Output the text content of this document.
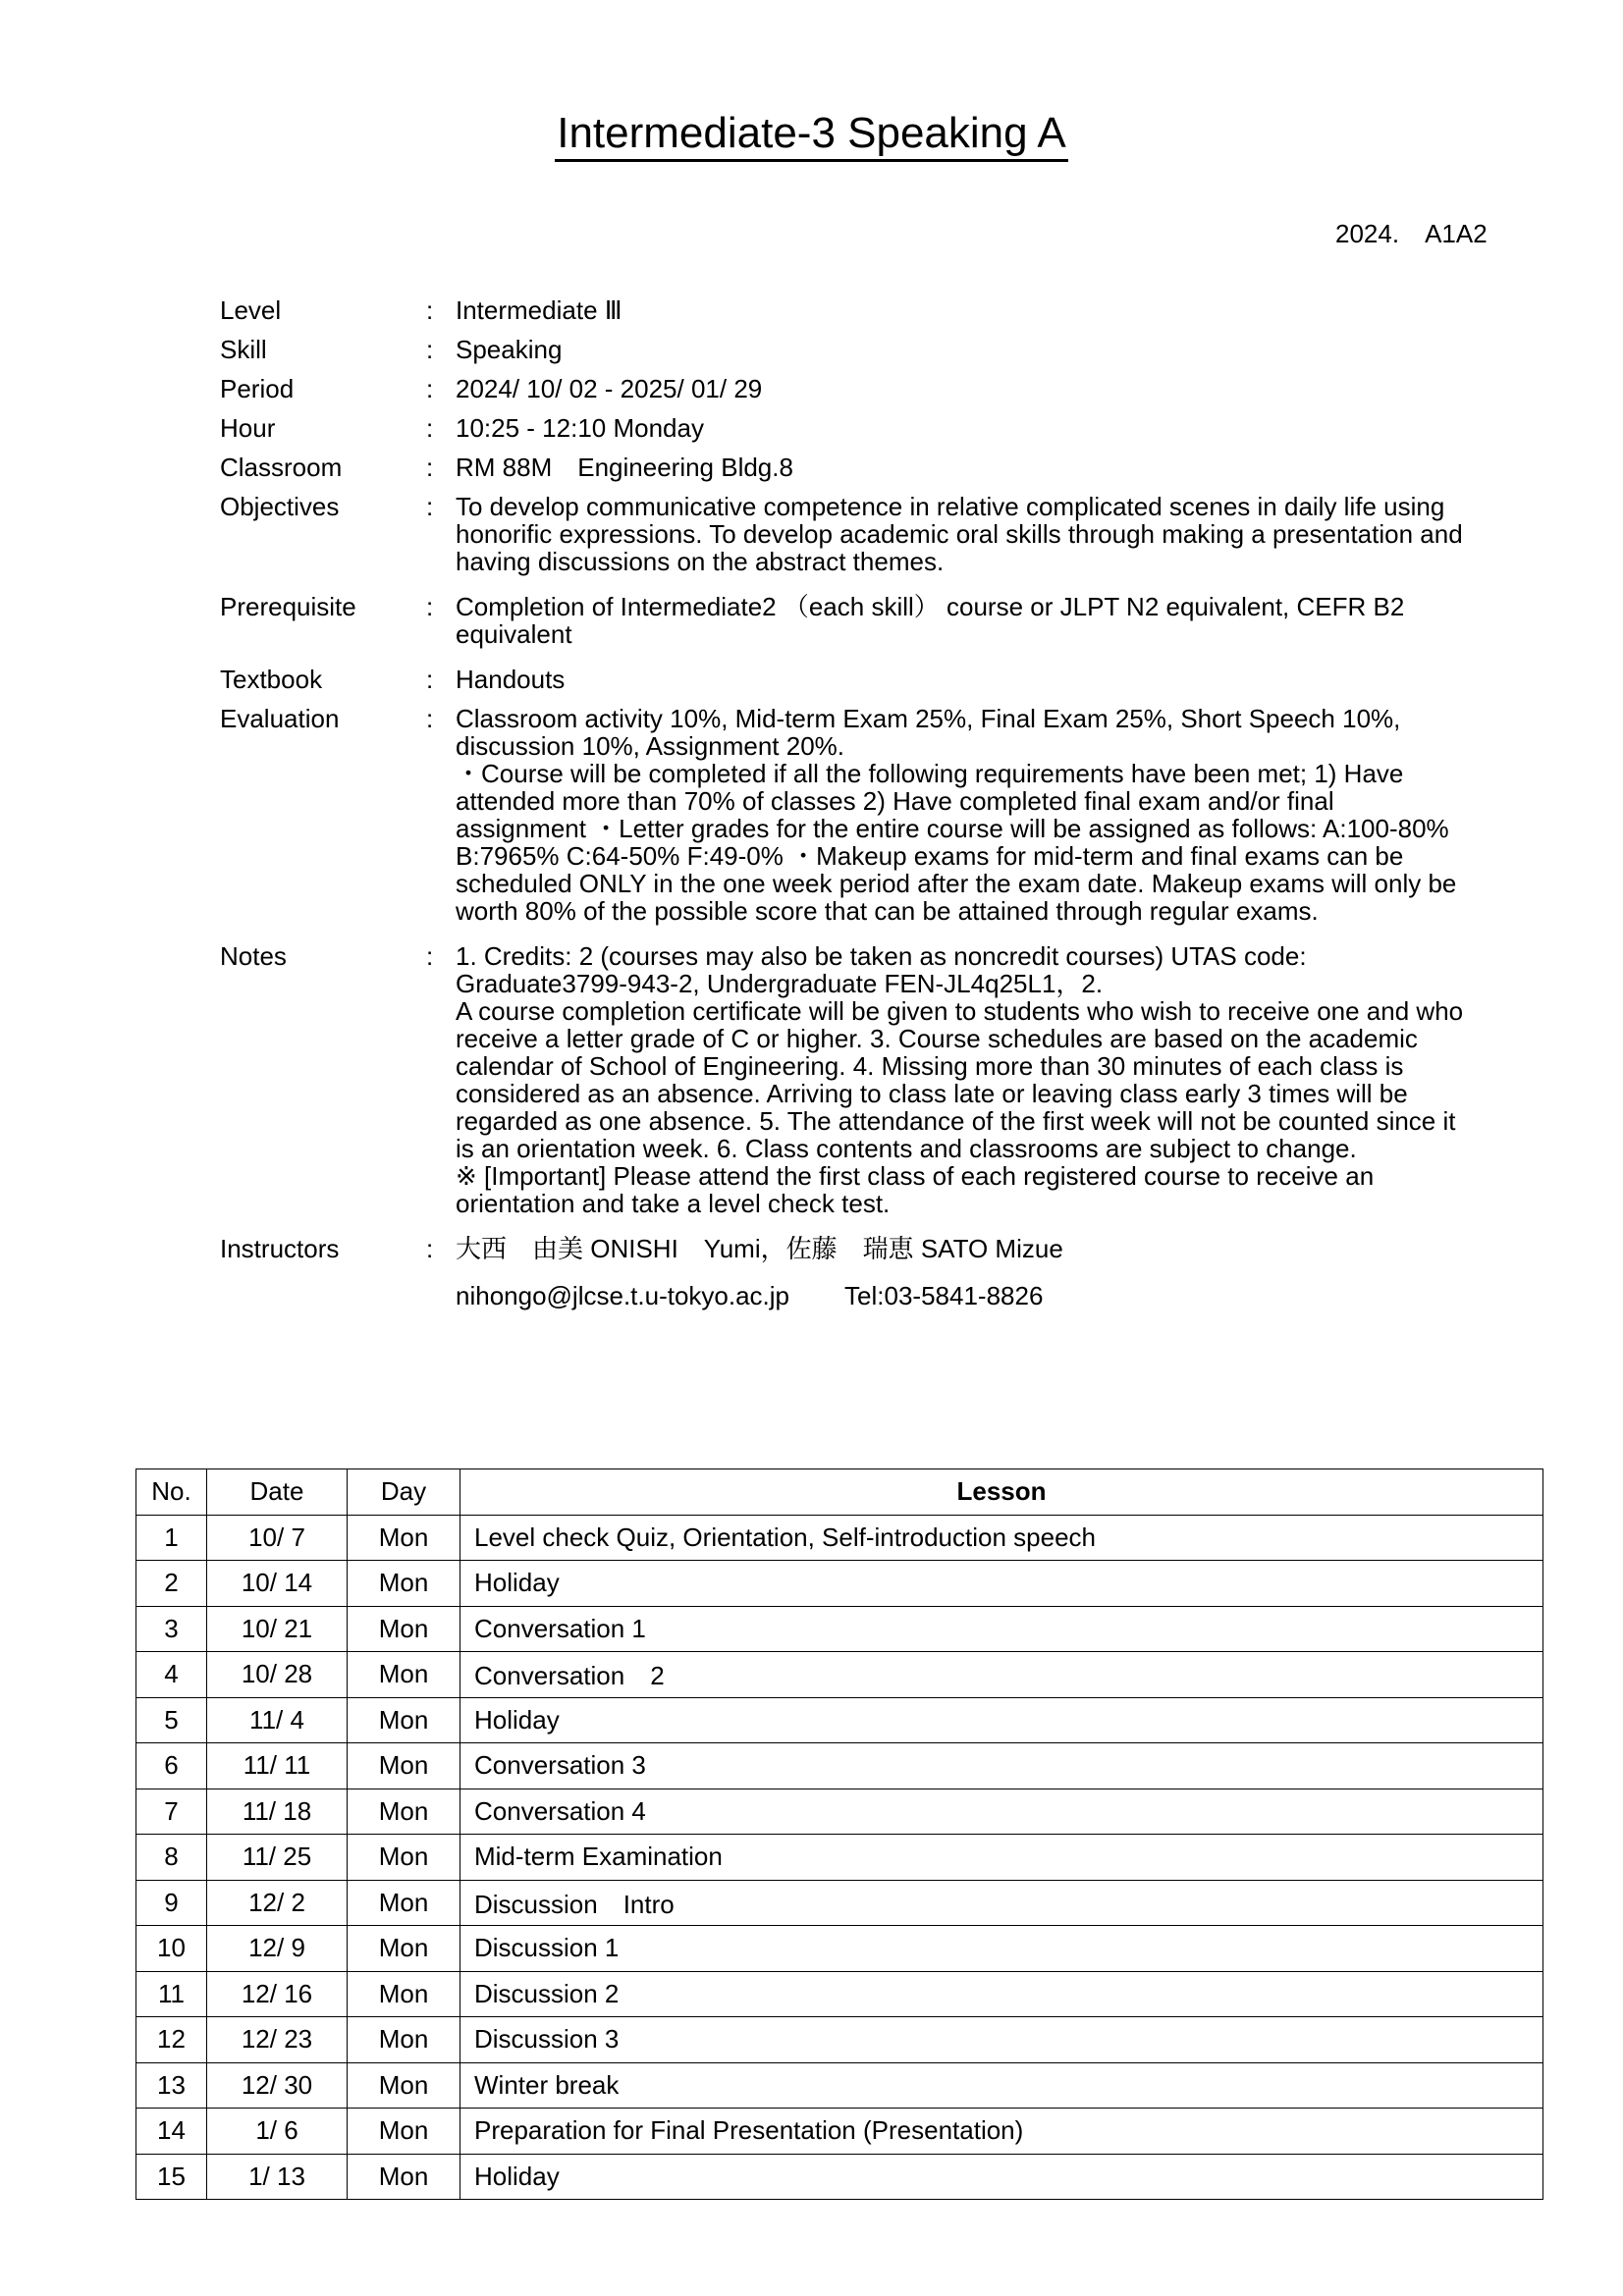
Intermediate-3 Speaking A
2024.　A1A2
Level	: Intermediate Ⅲ
Skill	: Speaking
Period	: 2024/ 10/ 02 - 2025/ 01/ 29
Hour	: 10:25 - 12:10 Monday
Classroom	: RM 88M　Engineering Bldg.8
Objectives	: To develop communicative competence in relative complicated scenes in daily life using honorific expressions. To develop academic oral skills through making a presentation and having discussions on the abstract themes.
Prerequisite	: Completion of Intermediate2 （each skill） course or JLPT N2 equivalent, CEFR B2 equivalent
Textbook	: Handouts
Evaluation	: Classroom activity 10%, Mid-term Exam 25%, Final Exam 25%, Short Speech 10%, discussion 10%, Assignment 20%.
・Course will be completed if all the following requirements have been met; 1) Have attended more than 70% of classes 2) Have completed final exam and/or final assignment ・Letter grades for the entire course will be assigned as follows: A:100-80% B:7965% C:64-50% F:49-0% ・Makeup exams for mid-term and final exams can be scheduled ONLY in the one week period after the exam date. Makeup exams will only be worth 80% of the possible score that can be attained through regular exams.
Notes	: 1. Credits: 2 (courses may also be taken as noncredit courses) UTAS code: Graduate3799-943-2, Undergraduate FEN-JL4q25L1，2.
A course completion certificate will be given to students who wish to receive one and who receive a letter grade of C or higher. 3. Course schedules are based on the academic calendar of School of Engineering. 4. Missing more than 30 minutes of each class is considered as an absence. Arriving to class late or leaving class early 3 times will be regarded as one absence. 5. The attendance of the first week will not be counted since it is an orientation week. 6. Class contents and classrooms are subject to change.
※ [Important] Please attend the first class of each registered course to receive an orientation and take a level check test.
Instructors	: 大西　由美 ONISHI　Yumi，佐藤　瑞恵 SATO Mizue
nihongo@jlcse.t.u-tokyo.ac.jp Tel:03-5841-8826
No.	Date	Day	Lesson
1	10/ 7	Mon	Level check Quiz, Orientation, Self-introduction speech
2	10/ 14	Mon	Holiday
3	10/ 21	Mon	Conversation 1
4	10/ 28	Mon	Conversation　2
5	11/ 4	Mon	Holiday
6	11/ 11	Mon	Conversation 3
7	11/ 18	Mon	Conversation 4
8	11/ 25	Mon	Mid-term Examination
9	12/ 2	Mon	Discussion　Intro
10	12/ 9	Mon	Discussion 1
11	12/ 16	Mon	Discussion 2
12	12/ 23	Mon	Discussion 3
13	12/ 30	Mon	Winter break
14	1/ 6	Mon	Preparation for Final Presentation (Presentation)
15	1/ 13	Mon	Holiday
